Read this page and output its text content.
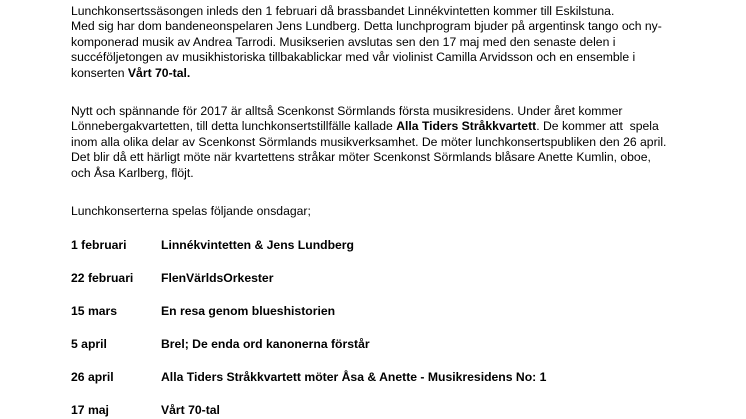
Lunchkonsertssäsongen inleds den 1 februari då brassbandet Linnékvintetten kommer till Eskilstuna.
Med sig har dom bandeneonspelaren Jens Lundberg. Detta lunchprogram bjuder på argentinsk tango och ny-
komponerad musik av Andrea Tarrodi. Musikserien avslutas sen den 17 maj med den senaste delen i
succéföljetongen av musikhistoriska tillbakablickar med vår violinist Camilla Arvidsson och en ensemble i
konserten Vårt 70-tal.

Nytt och spännande för 2017 är alltså Scenkonst Sörmlands första musikresidens. Under året kommer
Lönnebergakvartetten, till detta lunchkonsertstillfälle kallade Alla Tiders Stråkkvartett. De kommer att  spela
inom alla olika delar av Scenkonst Sörmlands musikverksamhet. De möter lunchkonsertspubliken den 26 april.
Det blir då ett härligt möte när kvartettens stråkar möter Scenkonst Sörmlands blåsare Anette Kumlin, oboe,
och Åsa Karlberg, flöjt.

Lunchkonserterna spelas följande onsdagar;

1 februari	Linnékvintetten & Jens Lundberg
22 februari FlenVärldsOrkester
15 mars	En resa genom blueshistorien
5 april	Brel; De enda ord kanonerna förstår
26 april	Alla Tiders Stråkkvartett möter Åsa & Anette - Musikresidens No: 1
17 maj	Vårt 70-tal
